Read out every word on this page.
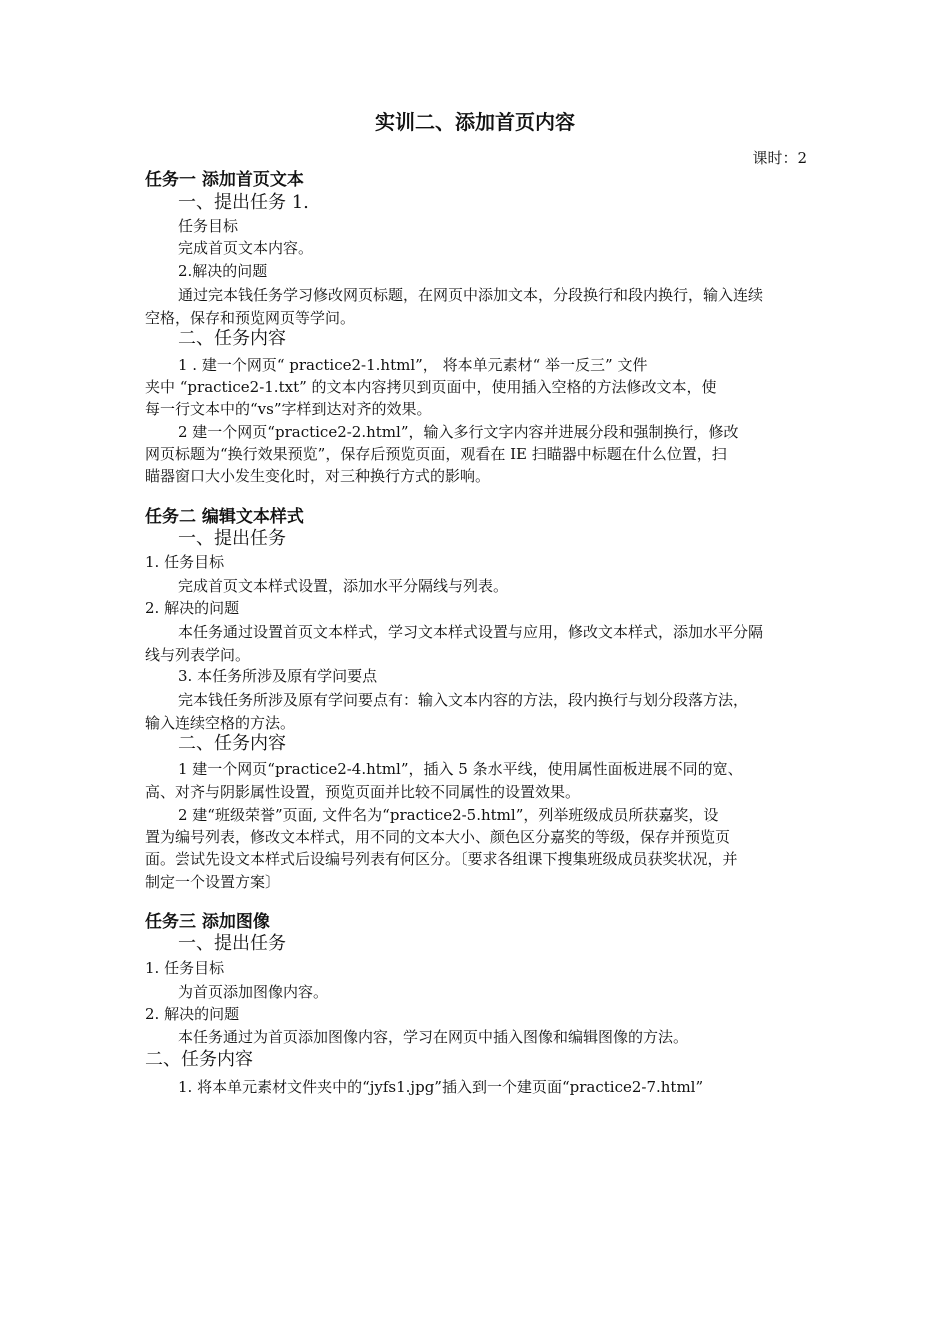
实训二、添加首页内容
课时：2
任务一 添加首页文本
一、提出任务 1.
任务目标
完成首页文本内容。
2.解决的问题
通过完本钱任务学习修改网页标题，在网页中添加文本，分段换行和段内换行，输入连续
空格，保存和预览网页等学问。
二、任务内容
1 . 建一个网页“ practice2-1.html”， 将本单元素材“ 举一反三” 文件
夹中 “practice2-1.txt” 的文本内容拷贝到页面中，使用插入空格的方法修改文本，使
每一行文本中的“vs”字样到达对齐的效果。
2 建一个网页“practice2-2.html”，输入多行文字内容并进展分段和强制换行，修改
网页标题为“换行效果预览”，保存后预览页面，观看在 IE 扫瞄器中标题在什么位置，扫
瞄器窗口大小发生变化时，对三种换行方式的影响。
任务二 编辑文本样式
一、提出任务
1. 任务目标
完成首页文本样式设置，添加水平分隔线与列表。
2. 解决的问题
本任务通过设置首页文本样式，学习文本样式设置与应用，修改文本样式，添加水平分隔
线与列表学问。
3. 本任务所涉及原有学问要点
完本钱任务所涉及原有学问要点有：输入文本内容的方法，段内换行与划分段落方法，
输入连续空格的方法。
二、任务内容
1 建一个网页“practice2-4.html”，插入 5 条水平线，使用属性面板进展不同的宽、
高、对齐与阴影属性设置，预览页面并比较不同属性的设置效果。
2 建“班级荣誉”页面, 文件名为“practice2-5.html”，列举班级成员所获嘉奖，设
置为编号列表，修改文本样式，用不同的文本大小、颜色区分嘉奖的等级，保存并预览页
面。尝试先设文本样式后设编号列表有何区分。〔要求各组课下搜集班级成员获奖状况，并
制定一个设置方案〕
任务三 添加图像
一、提出任务
1. 任务目标
为首页添加图像内容。
2. 解决的问题
本任务通过为首页添加图像内容，学习在网页中插入图像和编辑图像的方法。
二、任务内容
1. 将本单元素材文件夹中的“jyfs1.jpg”插入到一个建页面“practice2-7.html”
